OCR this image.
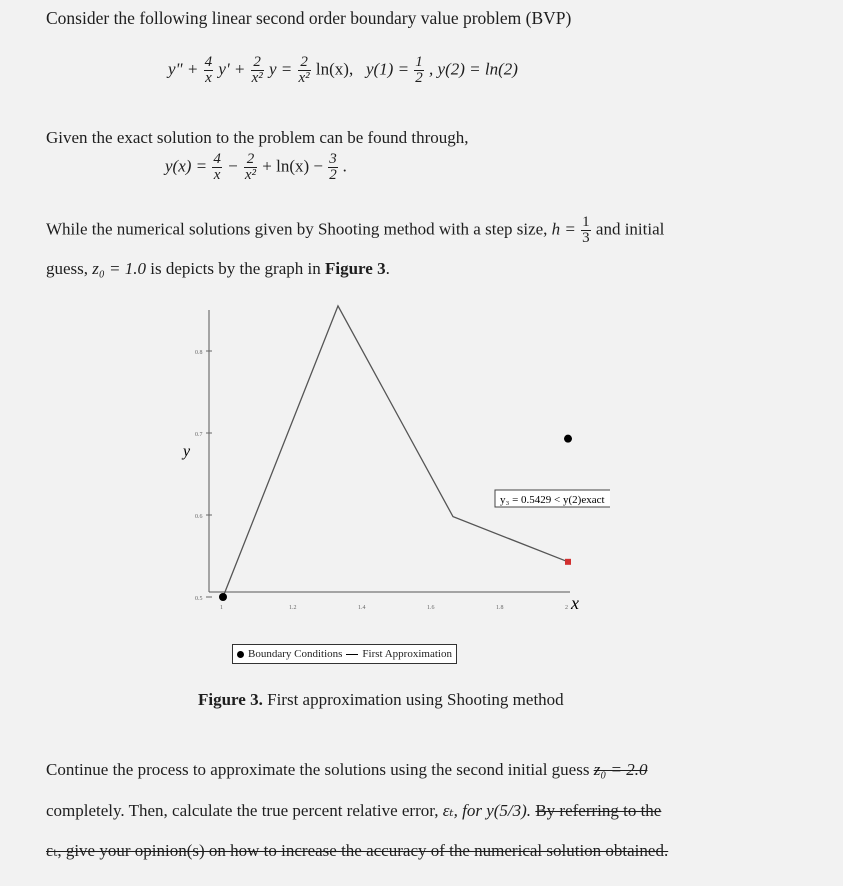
Consider the following linear second order boundary value problem (BVP)
y" + $\frac{4}{x} y' + \frac{2}{\text{x²}}$ $y = \frac{2}{\text{x²}} \ln(x)$, $y(1) = \frac{1}{2}$ , y(2) = ln(2)
Given the exact solution to the problem can be found through,
$y(x) = \frac{4}{x} - \frac{2}{\text{x²}} + \ln(x) - \frac{3}{2}$ .
While the numerical solutions given by Shooting method with a step size, $h = \frac{1}{3}$ and initial
guess, z₀ = 1.0 is depicts by the graph in Figure 3.
0.5
0.6
0.7
0.8
1	1.2	1.4	1.6	1.8	2
y
x
y₃ = 0.5429 < y(2)exact
Boundary Conditions First Approximation
Figure 3. First approximation using Shooting method
Continue the process to approximate the solutions using the second initial guess z₀ = 2.0
completely. Then, calculate the true percent relative error, εₜ, for y(5/3). By referring to the
εₜ, give your opinion(s) on how to increase the accuracy of the numerical solution obtained.
